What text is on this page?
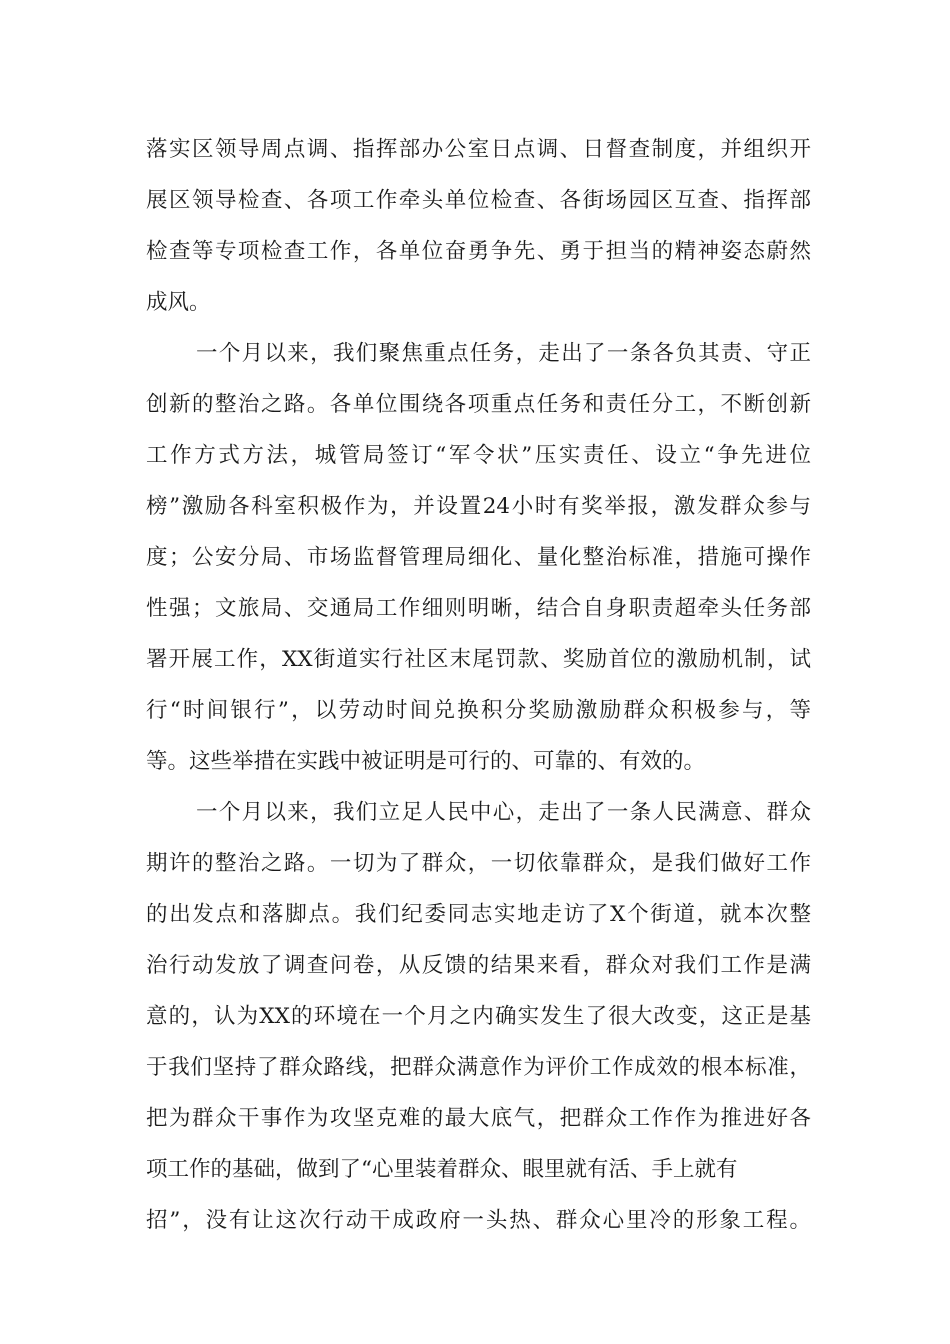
落实区领导周点调、指挥部办公室日点调、日督查制度，并组织开
展区领导检查、各项工作牵头单位检查、各街场园区互查、指挥部
检查等专项检查工作，各单位奋勇争先、勇于担当的精神姿态蔚然
成风。
一个月以来，我们聚焦重点任务，走出了一条各负其责、守正
创新的整治之路。各单位围绕各项重点任务和责任分工，不断创新
工作方式方法，城管局签订“军令状”压实责任、设立“争先进位
榜”激励各科室积极作为，并设置24小时有奖举报，激发群众参与
度；公安分局、市场监督管理局细化、量化整治标准，措施可操作
性强；文旅局、交通局工作细则明晰，结合自身职责超牵头任务部
署开展工作，XX街道实行社区末尾罚款、奖励首位的激励机制，试
行“时间银行”，以劳动时间兑换积分奖励激励群众积极参与，等
等。这些举措在实践中被证明是可行的、可靠的、有效的。
一个月以来，我们立足人民中心，走出了一条人民满意、群众
期许的整治之路。一切为了群众，一切依靠群众，是我们做好工作
的出发点和落脚点。我们纪委同志实地走访了X个街道，就本次整
治行动发放了调查问卷，从反馈的结果来看，群众对我们工作是满
意的，认为XX的环境在一个月之内确实发生了很大改变，这正是基
于我们坚持了群众路线，把群众满意作为评价工作成效的根本标准，
把为群众干事作为攻坚克难的最大底气，把群众工作作为推进好各
项工作的基础，做到了“心里装着群众、眼里就有活、手上就有
招”，没有让这次行动干成政府一头热、群众心里冷的形象工程。
